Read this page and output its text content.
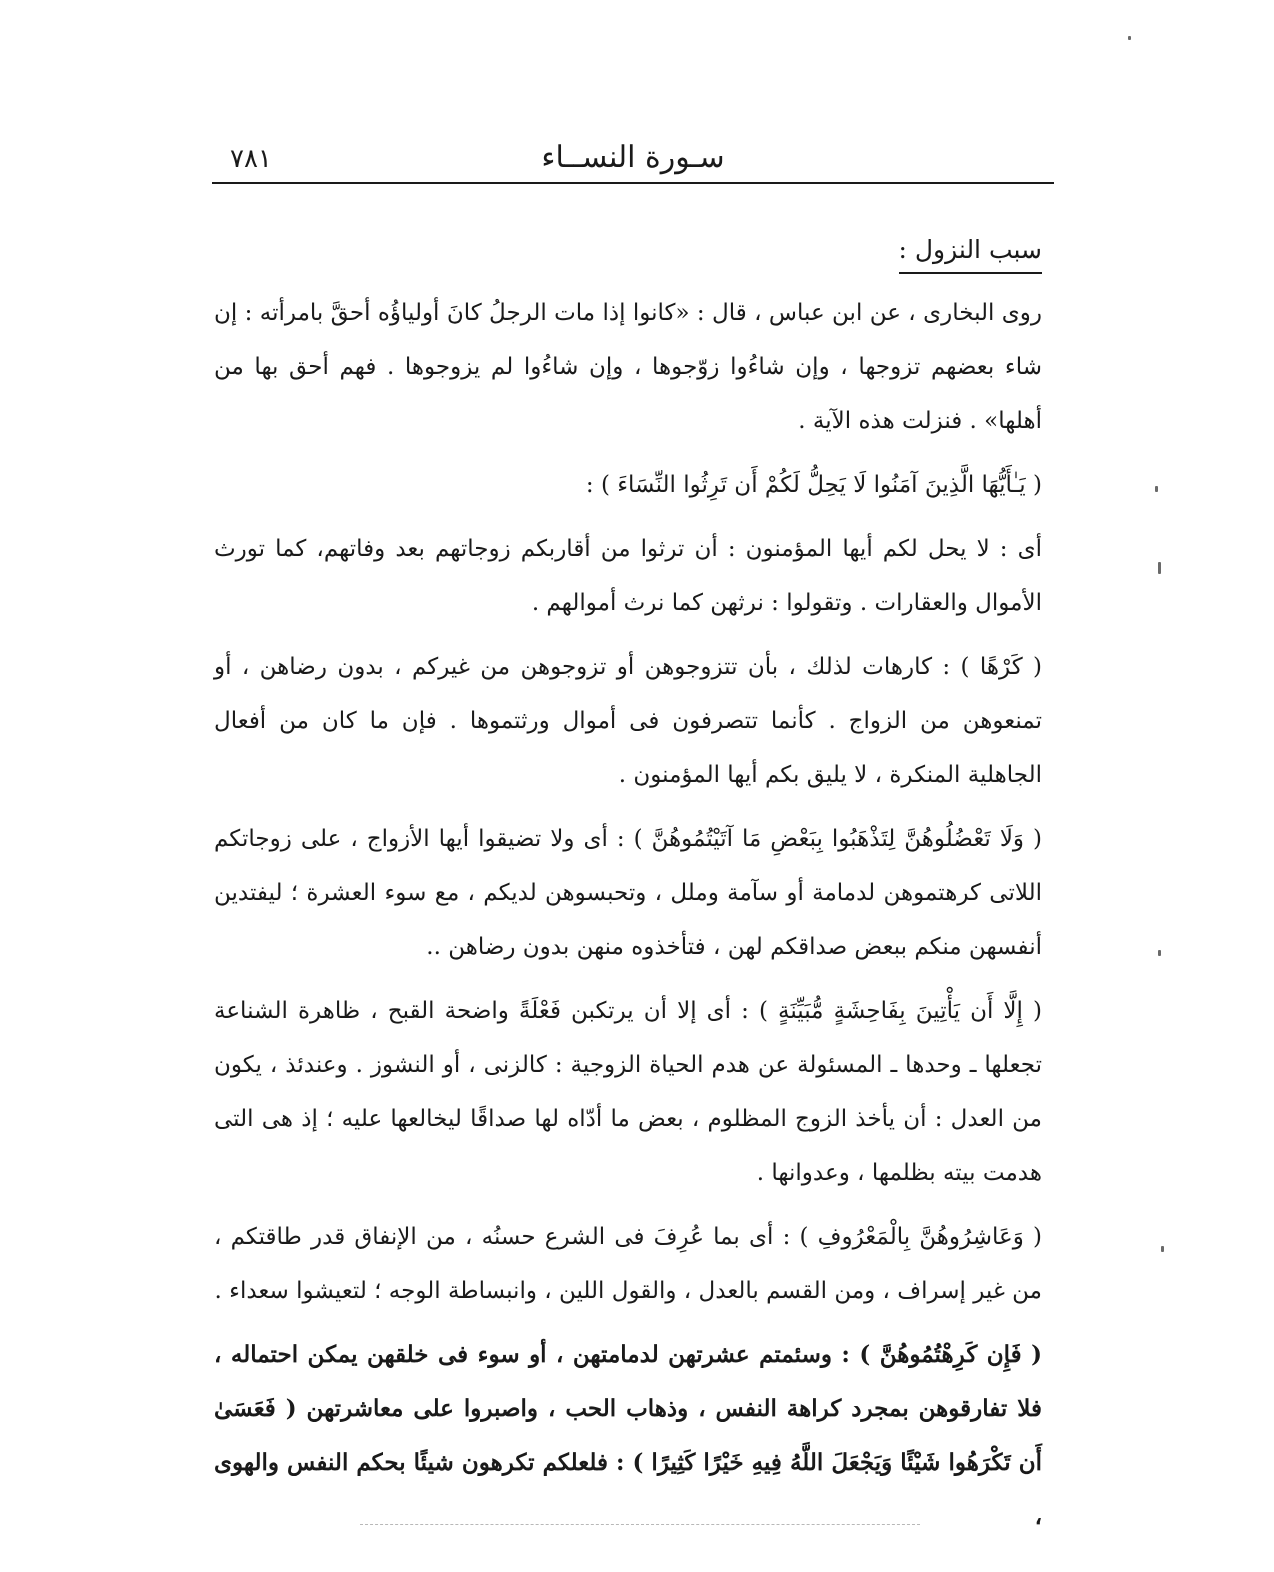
سـورة النســاء
٧٨١
سبب النزول :

روى البخارى ، عن ابن عباس ، قال : «كانوا إذا مات الرجلُ كانَ أولياؤُه أحقَّ بامرأته : إن شاء بعضهم تزوجها ، وإن شاءُوا زوّجوها ، وإن شاءُوا لم يزوجوها . فهم أحق بها من أهلها» . فنزلت هذه الآية .

( يَـٰأَيُّهَا الَّذِينَ آمَنُوا لَا يَحِلُّ لَكُمْ أَن تَرِثُوا النِّسَاءَ ) :

أى : لا يحل لكم أيها المؤمنون : أن ترثوا من أقاربكم زوجاتهم بعد وفاتهم، كما تورث الأموال والعقارات . وتقولوا : نرثهن كما نرث أموالهم .

( كَرْهًا ) : كارهات لذلك ، بأن تتزوجوهن أو تزوجوهن من غيركم ، بدون رضاهن ، أو تمنعوهن من الزواج . كأنما تتصرفون فى أموال ورثتموها . فإن ما كان من أفعال الجاهلية المنكرة ، لا يليق بكم أيها المؤمنون .

( وَلَا تَعْضُلُوهُنَّ لِتَذْهَبُوا بِبَعْضِ مَا آتَيْتُمُوهُنَّ ) : أى ولا تضيقوا أيها الأزواج ، على زوجاتكم اللاتى كرهتموهن لدمامة أو سآمة وملل ، وتحبسوهن لديكم ، مع سوء العشرة ؛ ليفتدين أنفسهن منكم ببعض صداقكم لهن ، فتأخذوه منهن بدون رضاهن ..

( إِلَّا أَن يَأْتِينَ بِفَاحِشَةٍ مُّبَيِّنَةٍ ) : أى إلا أن يرتكبن فَعْلَةً واضحة القبح ، ظاهرة الشناعة تجعلها ـ وحدها ـ المسئولة عن هدم الحياة الزوجية : كالزنى ، أو النشوز . وعندئذ ، يكون من العدل : أن يأخذ الزوج المظلوم ، بعض ما أدّاه لها صداقًا ليخالعها عليه ؛ إذ هى التى هدمت بيته بظلمها ، وعدوانها .

( وَعَاشِرُوهُنَّ بِالْمَعْرُوفِ ) : أى بما عُرِفَ فى الشرع حسنُه ، من الإنفاق قدر طاقتكم ، من غير إسراف ، ومن القسم بالعدل ، والقول اللين ، وانبساطة الوجه ؛ لتعيشوا سعداء .

( فَإِن كَرِهْتُمُوهُنَّ ) : وسئمتم عشرتهن لدمامتهن ، أو سوء فى خلقهن يمكن احتماله ، فلا تفارقوهن بمجرد كراهة النفس ، وذهاب الحب ، واصبروا على معاشرتهن ( فَعَسَىٰ أَن تَكْرَهُوا شَيْئًا وَيَجْعَلَ اللَّهُ فِيهِ خَيْرًا كَثِيرًا ) : فلعلكم تكرهون شيئًا بحكم النفس والهوى ،
